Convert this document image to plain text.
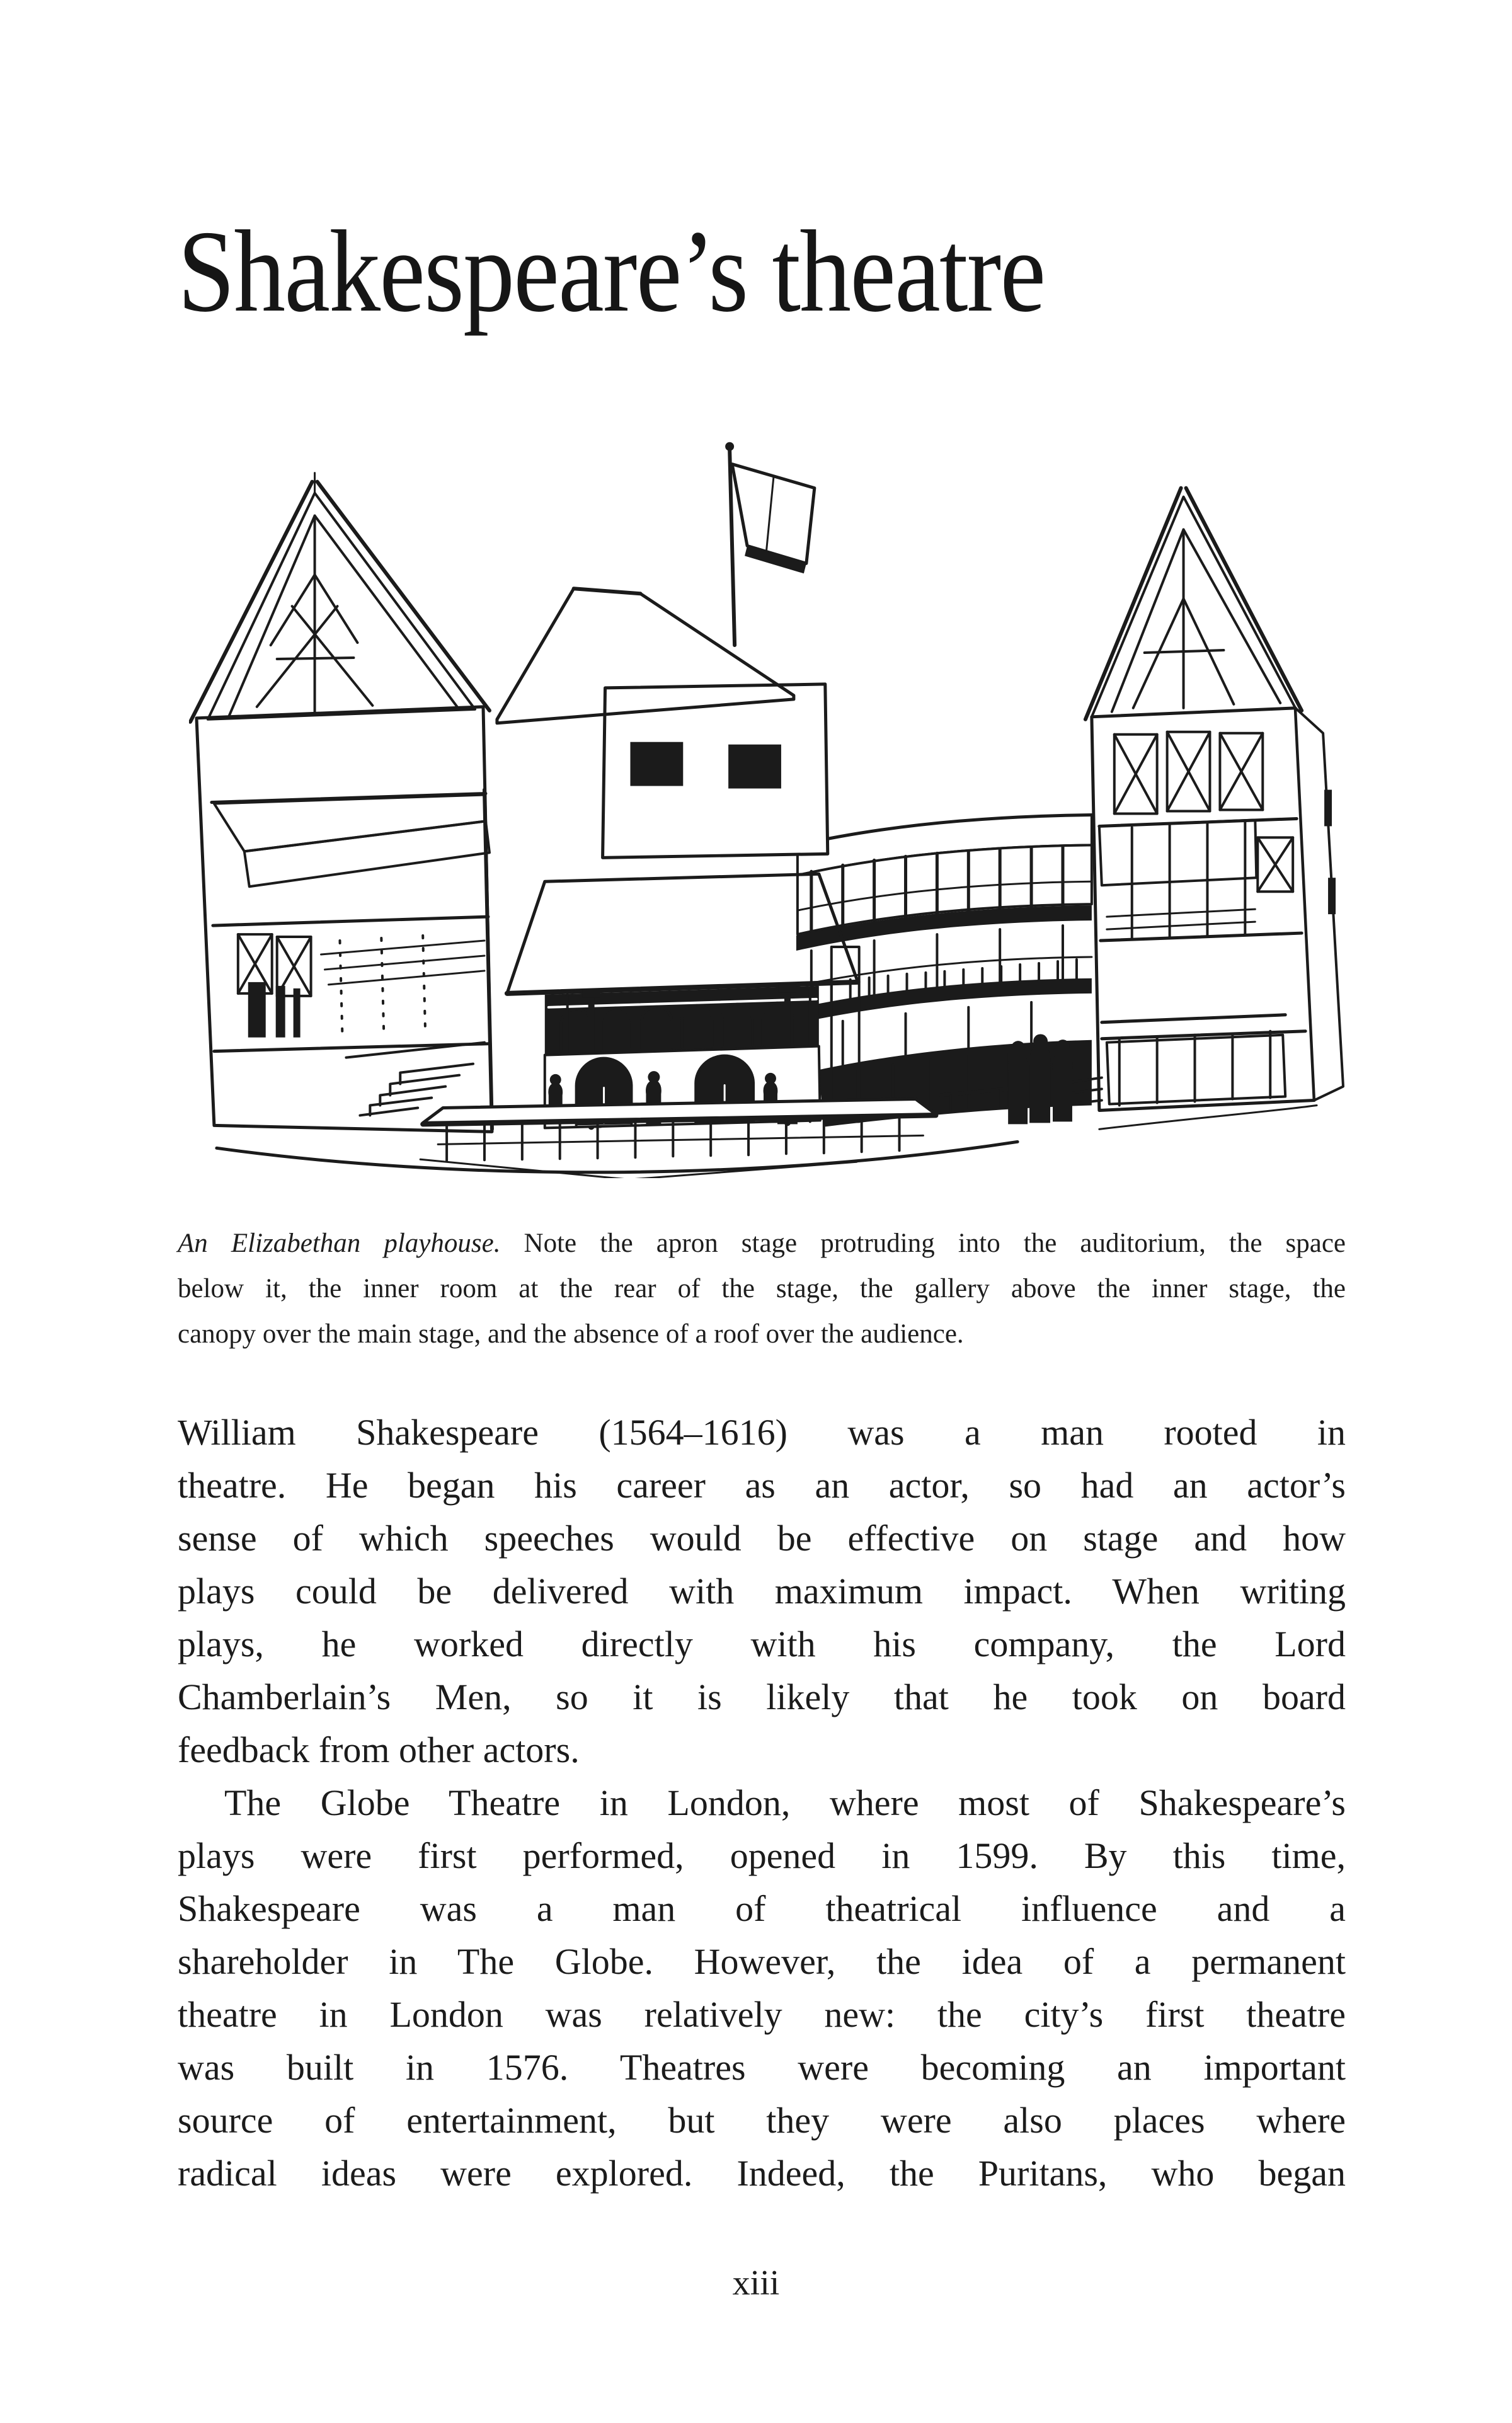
Shakespeare’s theatre
An Elizabethan playhouse. Note the apron stage protruding into the auditorium, the space
below it, the inner room at the rear of the stage, the gallery above the inner stage, the
canopy over the main stage, and the absence of a roof over the audience.
William Shakespeare (1564–1616) was a man rooted in
theatre. He began his career as an actor, so had an actor’s
sense of which speeches would be effective on stage and how
plays could be delivered with maximum impact. When writing
plays, he worked directly with his company, the Lord
Chamberlain’s Men, so it is likely that he took on board
feedback from other actors.
The Globe Theatre in London, where most of Shakespeare’s
plays were first performed, opened in 1599. By this time,
Shakespeare was a man of theatrical influence and a
shareholder in The Globe. However, the idea of a permanent
theatre in London was relatively new: the city’s first theatre
was built in 1576. Theatres were becoming an important
source of entertainment, but they were also places where
radical ideas were explored. Indeed, the Puritans, who began
xiii
